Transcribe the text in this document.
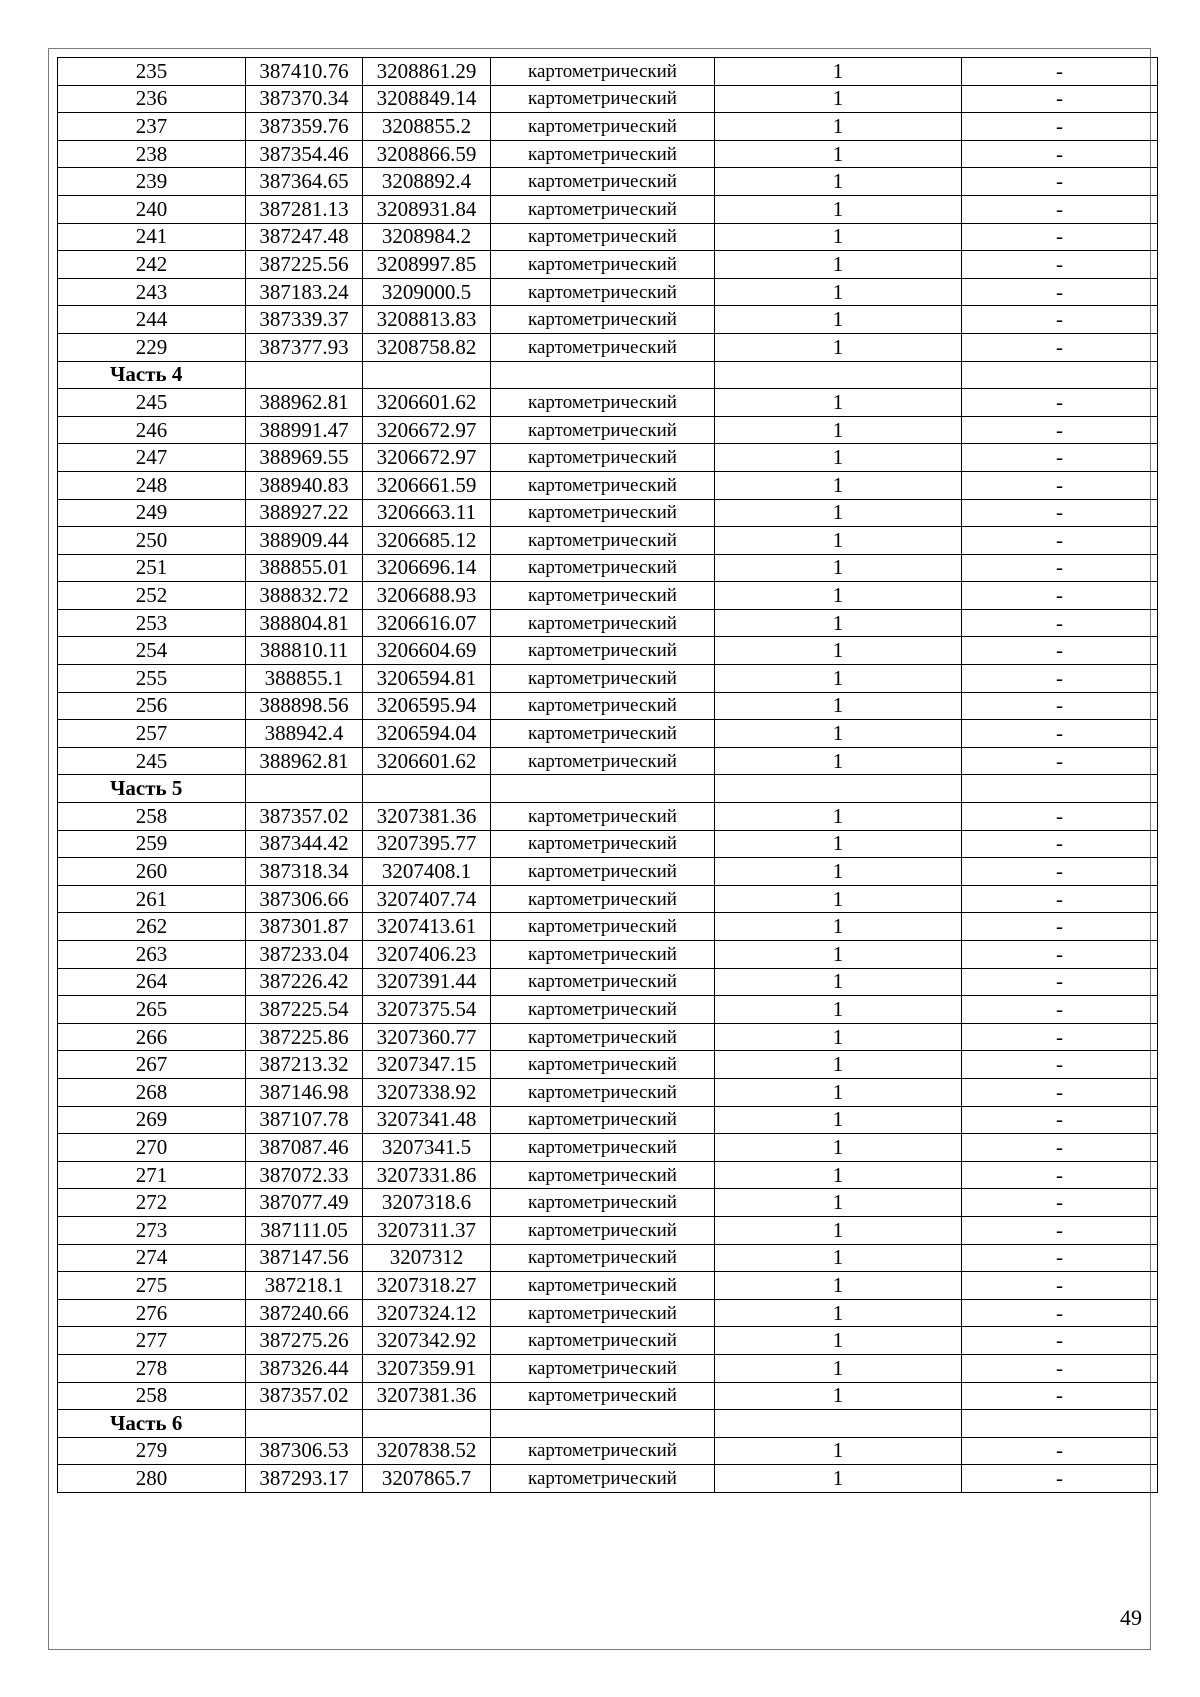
235	387410.76	3208861.29	картометрический	1	-
236	387370.34	3208849.14	картометрический	1	-
237	387359.76	3208855.2	картометрический	1	-
238	387354.46	3208866.59	картометрический	1	-
239	387364.65	3208892.4	картометрический	1	-
240	387281.13	3208931.84	картометрический	1	-
241	387247.48	3208984.2	картометрический	1	-
242	387225.56	3208997.85	картометрический	1	-
243	387183.24	3209000.5	картометрический	1	-
244	387339.37	3208813.83	картометрический	1	-
229	387377.93	3208758.82	картометрический	1	-
Часть 4					
245	388962.81	3206601.62	картометрический	1	-
246	388991.47	3206672.97	картометрический	1	-
247	388969.55	3206672.97	картометрический	1	-
248	388940.83	3206661.59	картометрический	1	-
249	388927.22	3206663.11	картометрический	1	-
250	388909.44	3206685.12	картометрический	1	-
251	388855.01	3206696.14	картометрический	1	-
252	388832.72	3206688.93	картометрический	1	-
253	388804.81	3206616.07	картометрический	1	-
254	388810.11	3206604.69	картометрический	1	-
255	388855.1	3206594.81	картометрический	1	-
256	388898.56	3206595.94	картометрический	1	-
257	388942.4	3206594.04	картометрический	1	-
245	388962.81	3206601.62	картометрический	1	-
Часть 5					
258	387357.02	3207381.36	картометрический	1	-
259	387344.42	3207395.77	картометрический	1	-
260	387318.34	3207408.1	картометрический	1	-
261	387306.66	3207407.74	картометрический	1	-
262	387301.87	3207413.61	картометрический	1	-
263	387233.04	3207406.23	картометрический	1	-
264	387226.42	3207391.44	картометрический	1	-
265	387225.54	3207375.54	картометрический	1	-
266	387225.86	3207360.77	картометрический	1	-
267	387213.32	3207347.15	картометрический	1	-
268	387146.98	3207338.92	картометрический	1	-
269	387107.78	3207341.48	картометрический	1	-
270	387087.46	3207341.5	картометрический	1	-
271	387072.33	3207331.86	картометрический	1	-
272	387077.49	3207318.6	картометрический	1	-
273	387111.05	3207311.37	картометрический	1	-
274	387147.56	3207312	картометрический	1	-
275	387218.1	3207318.27	картометрический	1	-
276	387240.66	3207324.12	картометрический	1	-
277	387275.26	3207342.92	картометрический	1	-
278	387326.44	3207359.91	картометрический	1	-
258	387357.02	3207381.36	картометрический	1	-
Часть 6					
279	387306.53	3207838.52	картометрический	1	-
280	387293.17	3207865.7	картометрический	1	-
49
